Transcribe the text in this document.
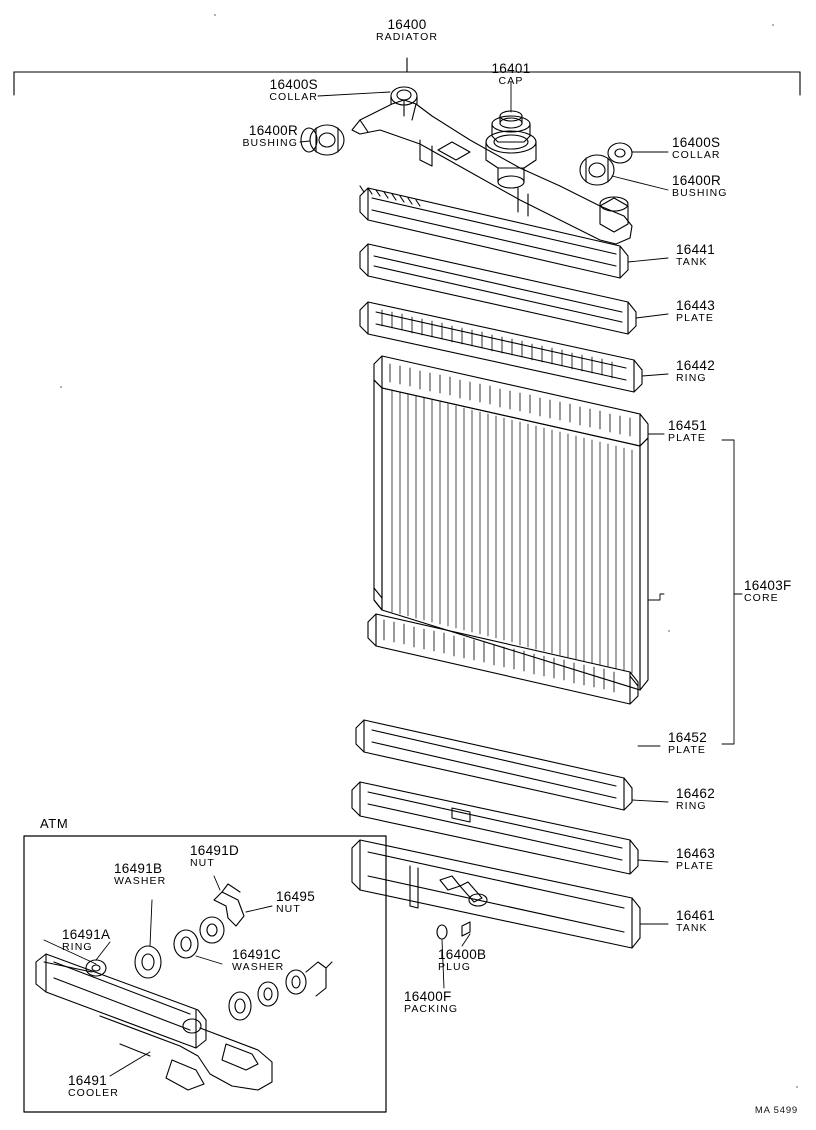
16400
RADIATOR
16400S
COLLAR
16401
CAP
16400R
BUSHING	16400S
COLLAR
16400R
BUSHING
16441
TANK
16443
PLATE
16442
RING
16451
PLATE
16403F
CORE
16452
PLATE
16462
RING
16463
PLATE
16461
TANK
16400B
PLUG
16400F
PACKING
ATM
16491D
NUT
16491B
WASHER
16495
NUT
16491A
RING	16491C
WASHER
16491
COOLER
MA 5499
